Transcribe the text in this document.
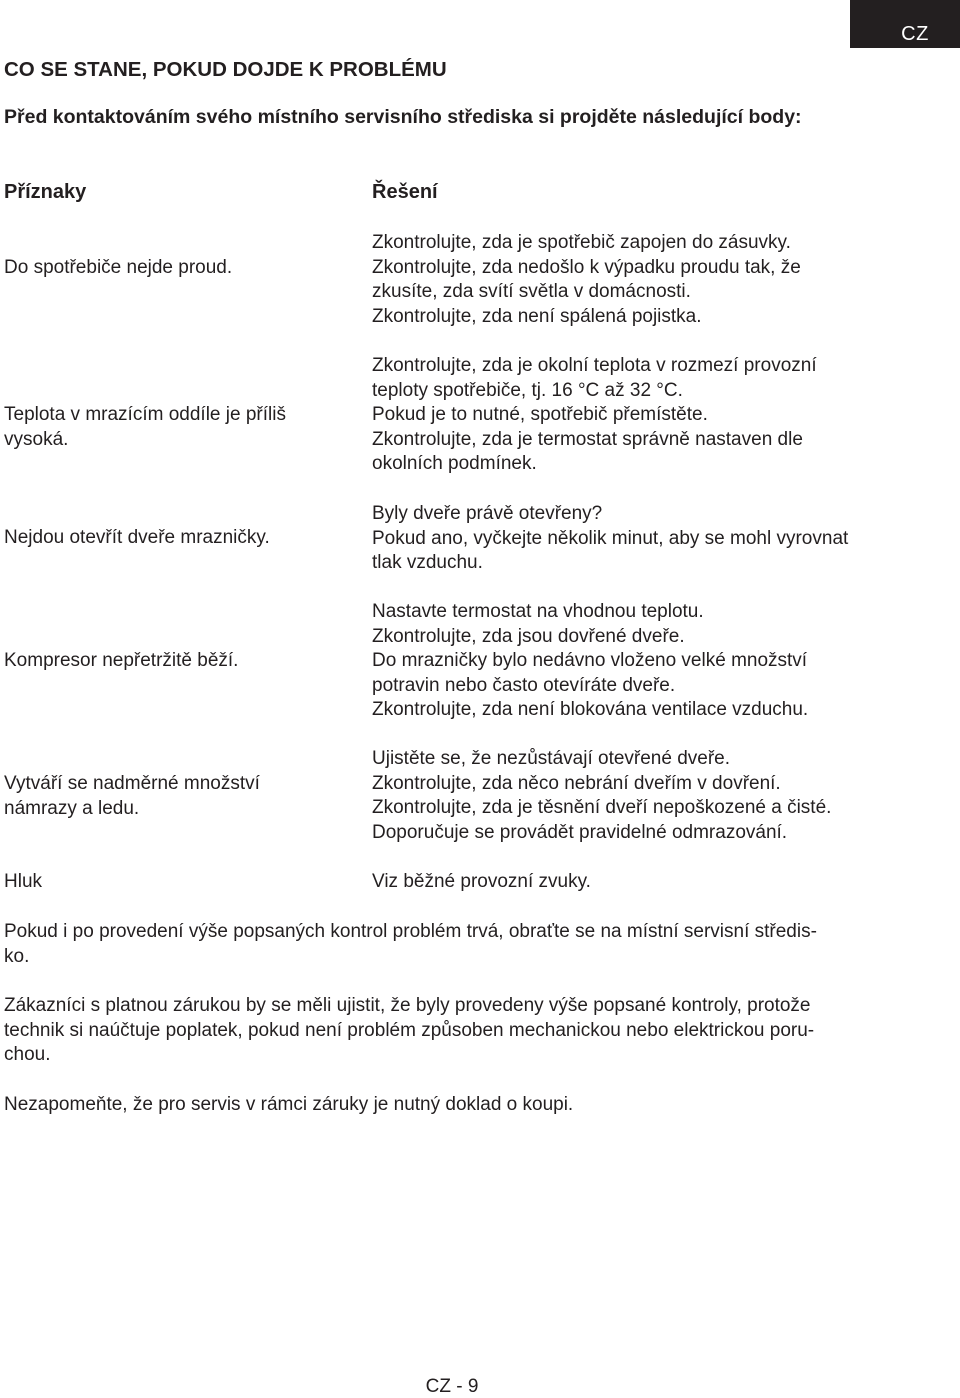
CZ
CO SE STANE, POKUD DOJDE K PROBLÉMU
Před kontaktováním svého místního servisního střediska si projděte následující body:
Příznaky	Řešení

Do spotřebiče nejde proud.

Zkontrolujte, zda je spotřebič zapojen do zásuvky.
Zkontrolujte, zda nedošlo k výpadku proudu tak, že
zkusíte, zda svítí světla v domácnosti.
Zkontrolujte, zda není spálená pojistka.

Teplota v mrazícím oddíle je příliš
vysoká.

Zkontrolujte, zda je okolní teplota v rozmezí provozní
teploty spotřebiče, tj. 16 °C až 32 °C.
Pokud je to nutné, spotřebič přemístěte.
Zkontrolujte, zda je termostat správně nastaven dle
okolních podmínek.

Nejdou otevřít dveře mrazničky.

Byly dveře právě otevřeny?
Pokud ano, vyčkejte několik minut, aby se mohl vyrovnat
tlak vzduchu.

Kompresor nepřetržitě běží.

Nastavte termostat na vhodnou teplotu.
Zkontrolujte, zda jsou dovřené dveře.
Do mrazničky bylo nedávno vloženo velké množství
potravin nebo často otevíráte dveře.
Zkontrolujte, zda není blokována ventilace vzduchu.

Vytváří se nadměrné množství
námrazy a ledu.

Ujistěte se, že nezůstávají otevřené dveře.
Zkontrolujte, zda něco nebrání dveřím v dovření.
Zkontrolujte, zda je těsnění dveří nepoškozené a čisté.
Doporučuje se provádět pravidelné odmrazování.

Hluk	Viz běžné provozní zvuky.

Pokud i po provedení výše popsaných kontrol problém trvá, obraťte se na místní servisní středis-
ko.

Zákazníci s platnou zárukou by se měli ujistit, že byly provedeny výše popsané kontroly, protože
technik si naúčtuje poplatek, pokud není problém způsoben mechanickou nebo elektrickou poru-
chou.

Nezapomeňte, že pro servis v rámci záruky je nutný doklad o koupi.

CZ - 9
